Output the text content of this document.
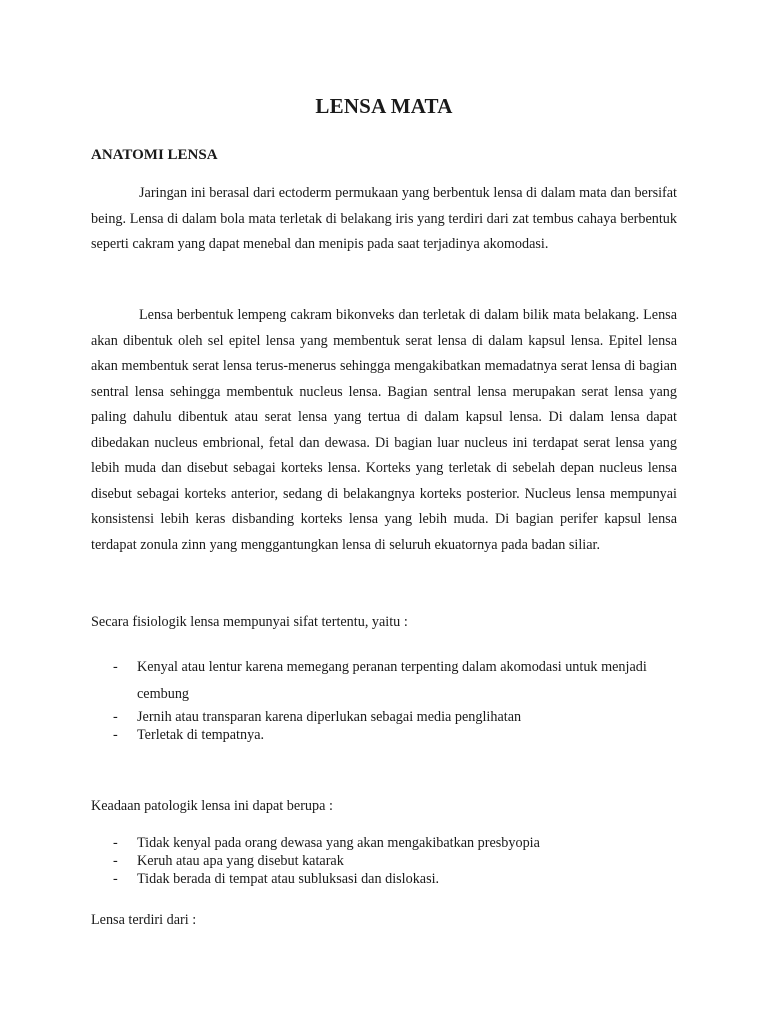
LENSA MATA
ANATOMI LENSA

Jaringan ini berasal dari ectoderm permukaan yang berbentuk lensa di dalam mata dan bersifat being. Lensa di dalam bola mata terletak di belakang iris yang terdiri dari zat tembus cahaya berbentuk seperti cakram yang dapat menebal dan menipis pada saat terjadinya akomodasi.

Lensa berbentuk lempeng cakram bikonveks dan terletak di dalam bilik mata belakang. Lensa akan dibentuk oleh sel epitel lensa yang membentuk serat lensa di dalam kapsul lensa. Epitel lensa akan membentuk serat lensa terus-menerus sehingga mengakibatkan memadatnya serat lensa di bagian sentral lensa sehingga membentuk nucleus lensa. Bagian sentral lensa merupakan serat lensa yang paling dahulu dibentuk atau serat lensa yang tertua di dalam kapsul lensa. Di dalam lensa dapat dibedakan nucleus embrional, fetal dan dewasa. Di bagian luar nucleus ini terdapat serat lensa yang lebih muda dan disebut sebagai korteks lensa. Korteks yang terletak di sebelah depan nucleus lensa disebut sebagai korteks anterior, sedang di belakangnya korteks posterior. Nucleus lensa mempunyai konsistensi lebih keras disbanding korteks lensa yang lebih muda. Di bagian perifer kapsul lensa terdapat zonula zinn yang menggantungkan lensa di seluruh ekuatornya pada badan siliar.

Secara fisiologik lensa mempunyai sifat tertentu, yaitu :

- Kenyal atau lentur karena memegang peranan terpenting dalam akomodasi untuk menjadi cembung
- Jernih atau transparan karena diperlukan sebagai media penglihatan
- Terletak di tempatnya.

Keadaan patologik lensa ini dapat berupa :

- Tidak kenyal pada orang dewasa yang akan mengakibatkan presbyopia
- Keruh atau apa yang disebut katarak
- Tidak berada di tempat atau subluksasi dan dislokasi.

Lensa terdiri dari :
